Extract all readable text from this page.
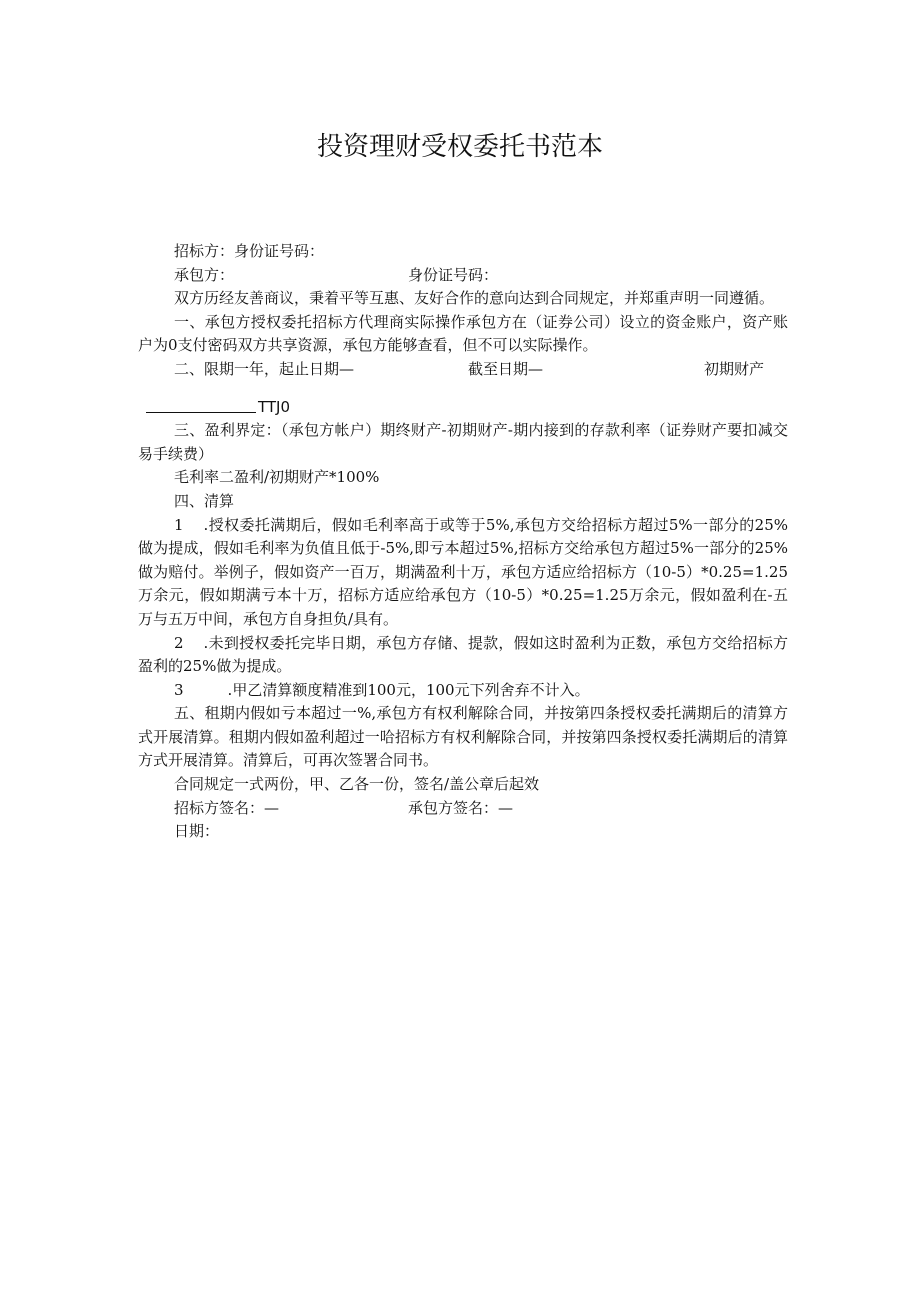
投资理财受权委托书范本
招标方：身份证号码：
承包方：	身份证号码：

双方历经友善商议，秉着平等互惠、友好合作的意向达到合同规定，并郑重声明一同遵循。

一、承包方授权委托招标方代理商实际操作承包方在（证券公司）设立的资金账户，资产账户为0支付密码双方共享资源，承包方能够查看，但不可以实际操作。

二、限期一年，起止日期—	截至日期—	初期财产
TTJ0

三、盈利界定：（承包方帐户）期终财产-初期财产-期内接到的存款利率（证券财产要扣减交易手续费）

毛利率二盈利/初期财产*100%
四、清算

1 .授权委托满期后，假如毛利率高于或等于5%,承包方交给招标方超过5%一部分的25%做为提成，假如毛利率为负值且低于-5%,即亏本超过5%,招标方交给承包方超过5%一部分的25%做为赔付。举例子，假如资产一百万，期满盈利十万，承包方适应给招标方（10-5）*0.25=1.25万余元，假如期满亏本十万，招标方适应给承包方（10-5）*0.25=1.25万余元，假如盈利在-五万与五万中间，承包方自身担负/具有。

2 .未到授权委托完毕日期，承包方存储、提款，假如这时盈利为正数，承包方交给招标方盈利的25%做为提成。

3	.甲乙清算额度精准到100元，100元下列舍弃不计入。

五、租期内假如亏本超过一%,承包方有权利解除合同，并按第四条授权委托满期后的清算方式开展清算。租期内假如盈利超过一哈招标方有权利解除合同，并按第四条授权委托满期后的清算方式开展清算。清算后，可再次签署合同书。

合同规定一式两份，甲、乙各一份，签名/盖公章后起效
招标方签名：—	承包方签名：—
日期：
